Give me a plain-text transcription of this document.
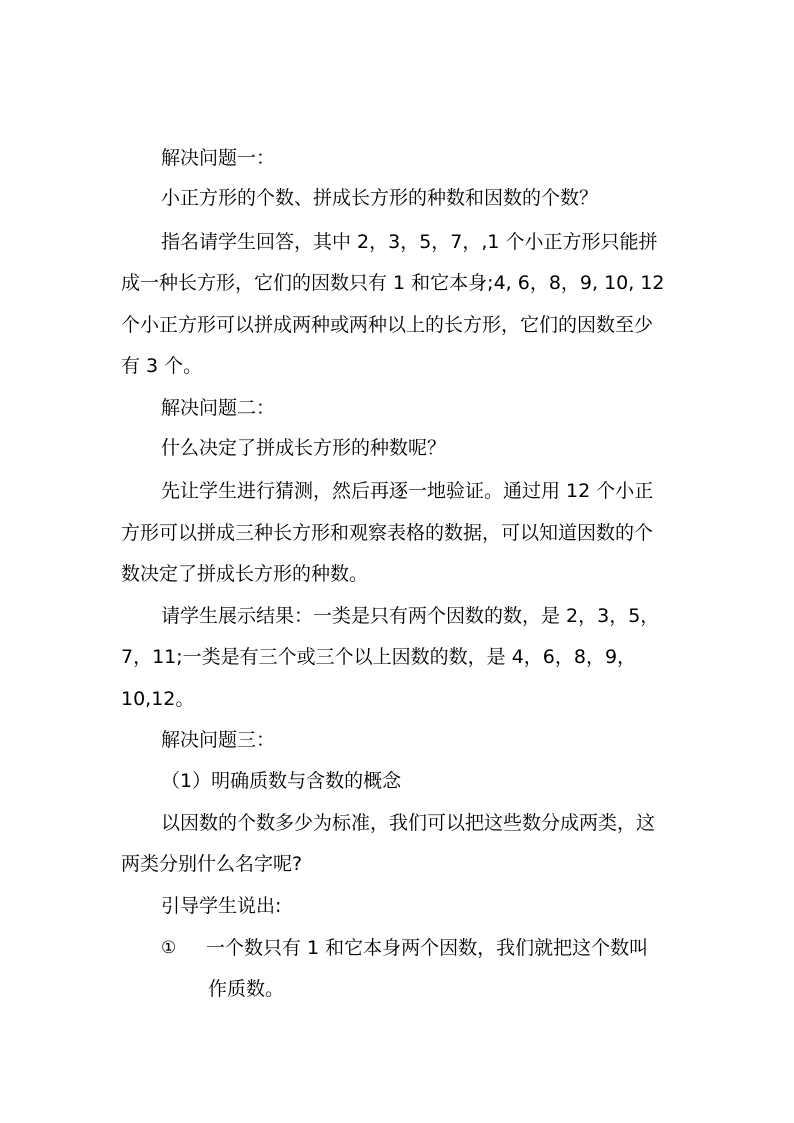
解决问题一：
小正方形的个数、拼成长方形的种数和因数的个数？
指名请学生回答，其中 2，3，5，7，,1 个小正方形只能拼
成一种长方形，它们的因数只有 1 和它本身;4, 6，8，9, 10, 12
个小正方形可以拼成两种或两种以上的长方形，它们的因数至少
有 3 个。
解决问题二：
什么决定了拼成长方形的种数呢？
先让学生进行猜测，然后再逐一地验证。通过用 12 个小正
方形可以拼成三种长方形和观察表格的数据，可以知道因数的个
数决定了拼成长方形的种数。
请学生展示结果：一类是只有两个因数的数，是 2，3，5，
7，11;一类是有三个或三个以上因数的数，是 4，6，8，9，
10,12。
解决问题三：
（1）明确质数与含数的概念
以因数的个数多少为标准，我们可以把这些数分成两类，这
两类分别什么名字呢?
引导学生说出:
① 一个数只有 1 和它本身两个因数，我们就把这个数叫
作质数。
